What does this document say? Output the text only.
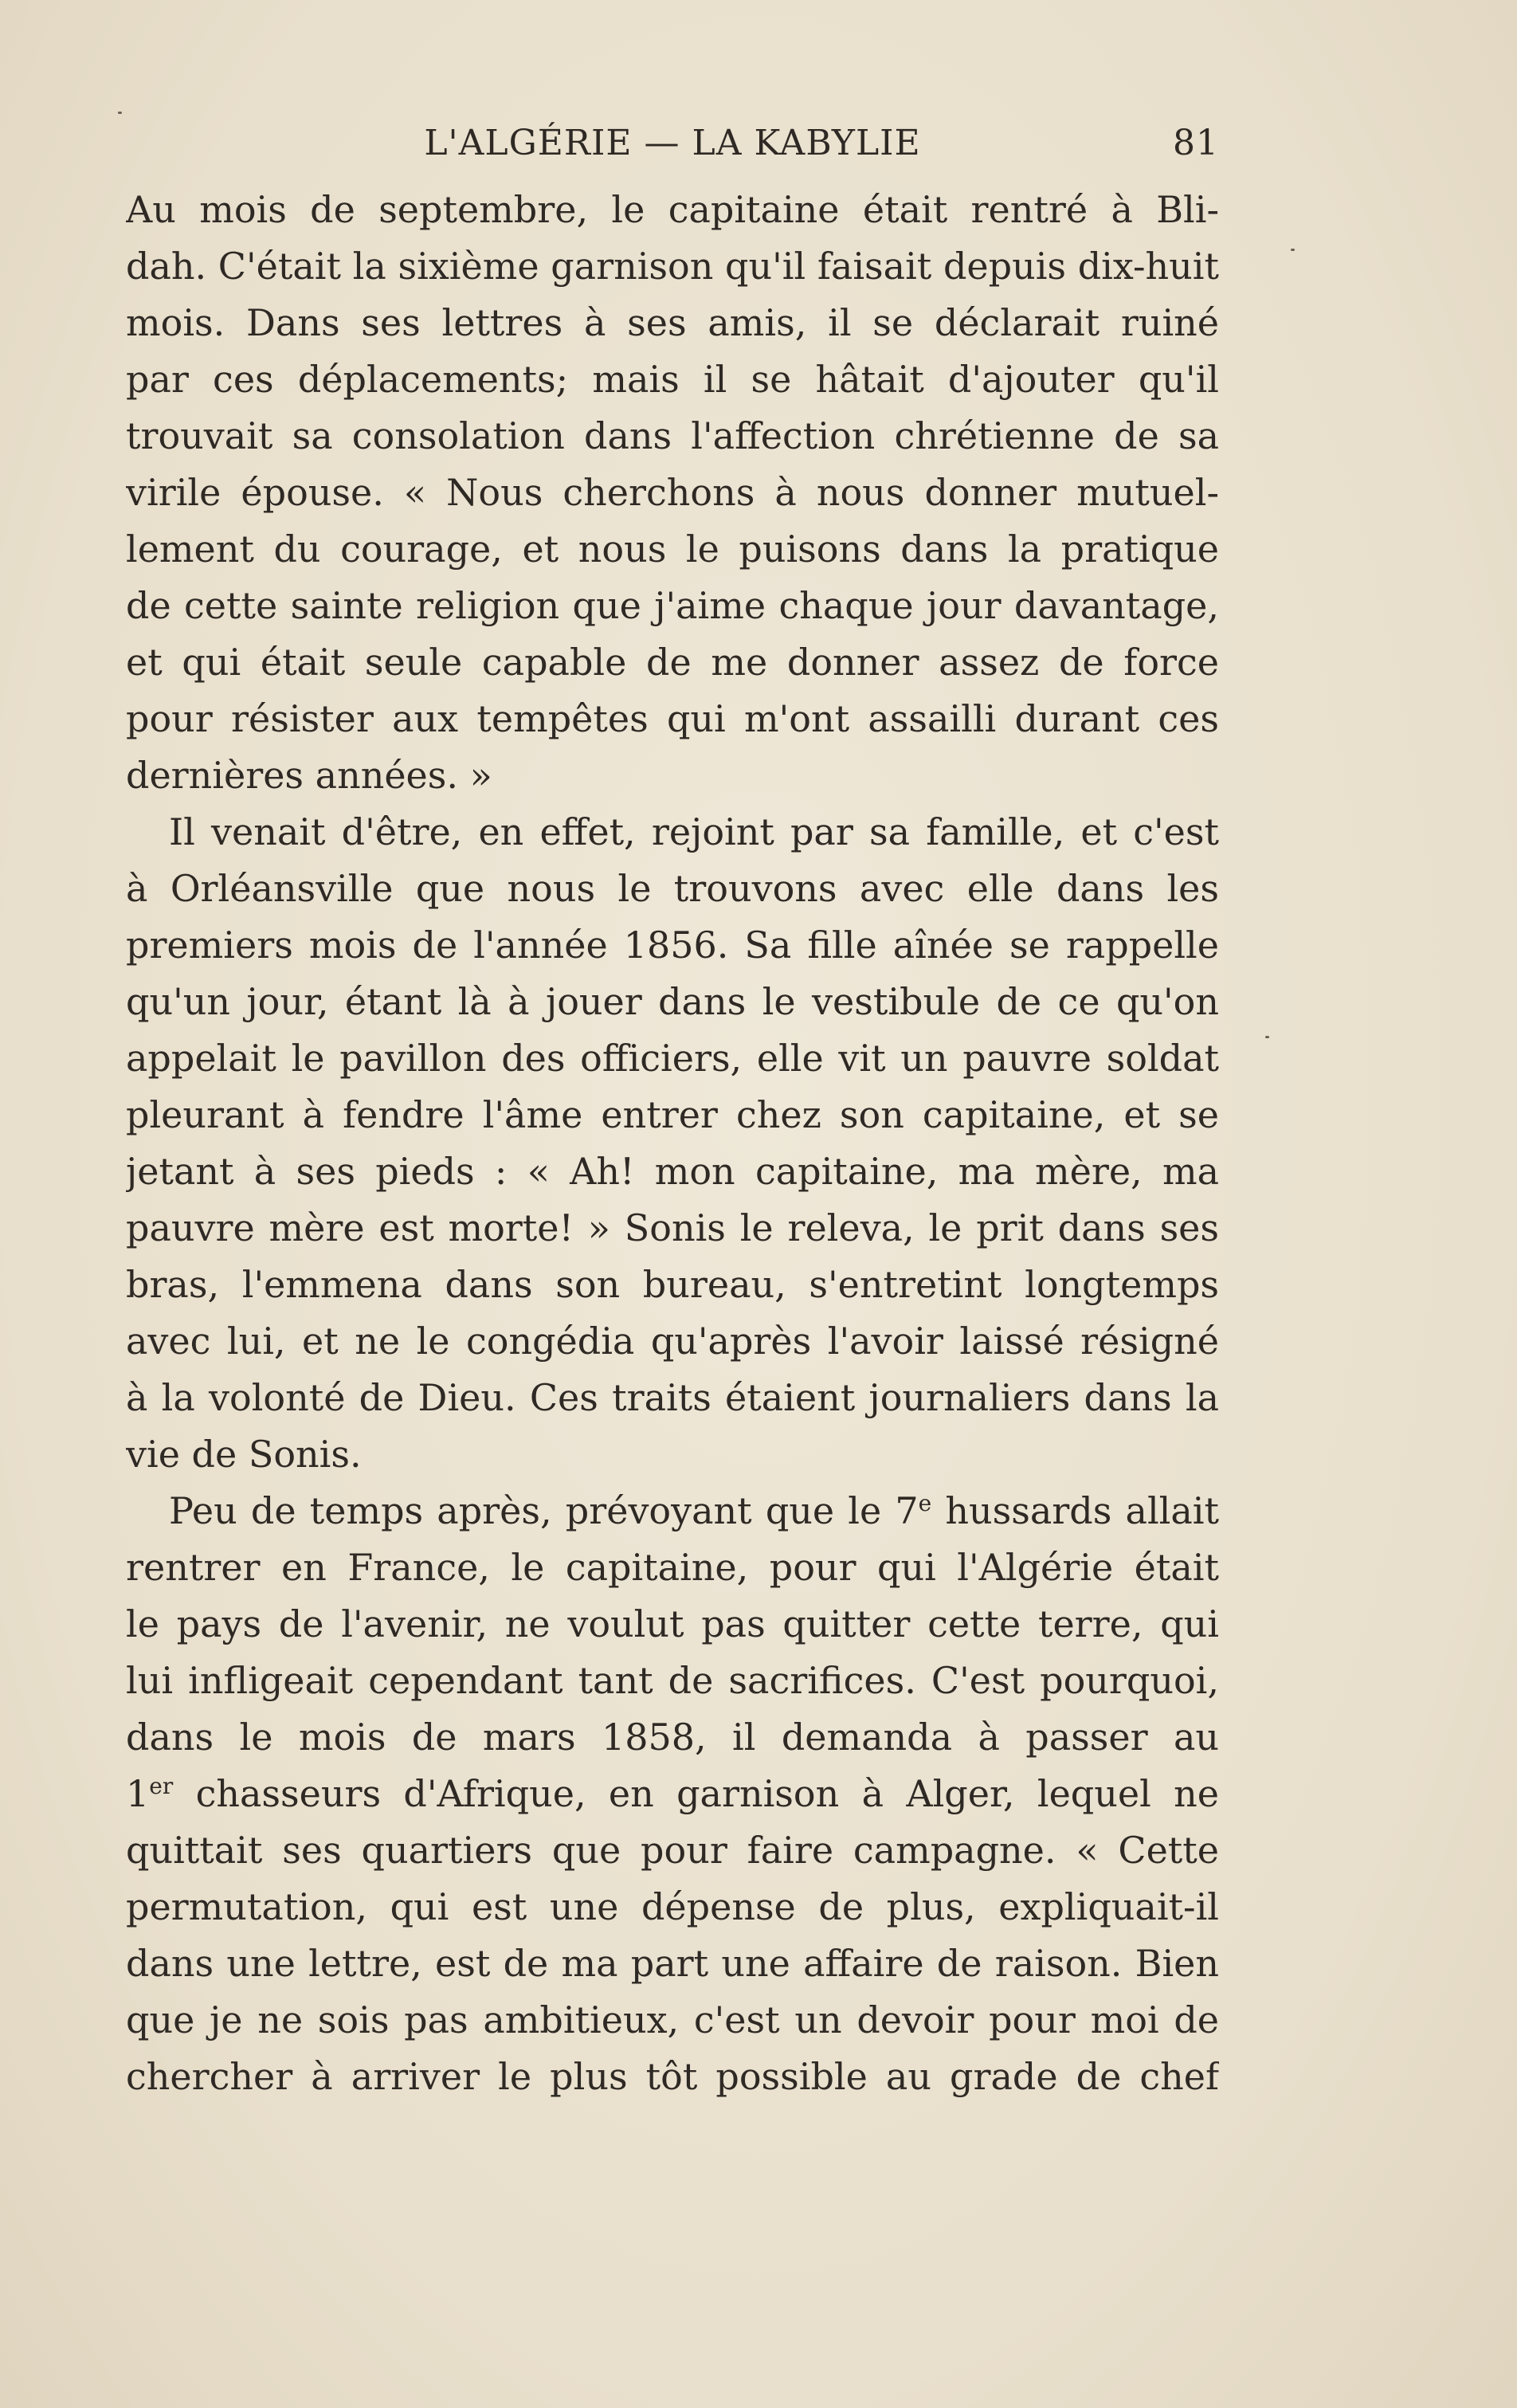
L'ALGÉRIE — LA KABYLIE	81
Au mois de septembre, le capitaine était rentré à Bli-
dah. C'était la sixième garnison qu'il faisait depuis dix-huit
mois. Dans ses lettres à ses amis, il se déclarait ruiné
par ces déplacements; mais il se hâtait d'ajouter qu'il
trouvait sa consolation dans l'affection chrétienne de sa
virile épouse. « Nous cherchons à nous donner mutuel-
lement du courage, et nous le puisons dans la pratique
de cette sainte religion que j'aime chaque jour davantage,
et qui était seule capable de me donner assez de force
pour résister aux tempêtes qui m'ont assailli durant ces
dernières années. »
Il venait d'être, en effet, rejoint par sa famille, et c'est
à Orléansville que nous le trouvons avec elle dans les
premiers mois de l'année 1856. Sa fille aînée se rappelle
qu'un jour, étant là à jouer dans le vestibule de ce qu'on
appelait le pavillon des officiers, elle vit un pauvre soldat
pleurant à fendre l'âme entrer chez son capitaine, et se
jetant à ses pieds : « Ah! mon capitaine, ma mère, ma
pauvre mère est morte! » Sonis le releva, le prit dans ses
bras, l'emmena dans son bureau, s'entretint longtemps
avec lui, et ne le congédia qu'après l'avoir laissé résigné
à la volonté de Dieu. Ces traits étaient journaliers dans la
vie de Sonis.
Peu de temps après, prévoyant que le 7e hussards allait
rentrer en France, le capitaine, pour qui l'Algérie était
le pays de l'avenir, ne voulut pas quitter cette terre, qui
lui infligeait cependant tant de sacrifices. C'est pourquoi,
dans le mois de mars 1858, il demanda à passer au
1er chasseurs d'Afrique, en garnison à Alger, lequel ne
quittait ses quartiers que pour faire campagne. « Cette
permutation, qui est une dépense de plus, expliquait-il
dans une lettre, est de ma part une affaire de raison. Bien
que je ne sois pas ambitieux, c'est un devoir pour moi de
chercher à arriver le plus tôt possible au grade de chef
